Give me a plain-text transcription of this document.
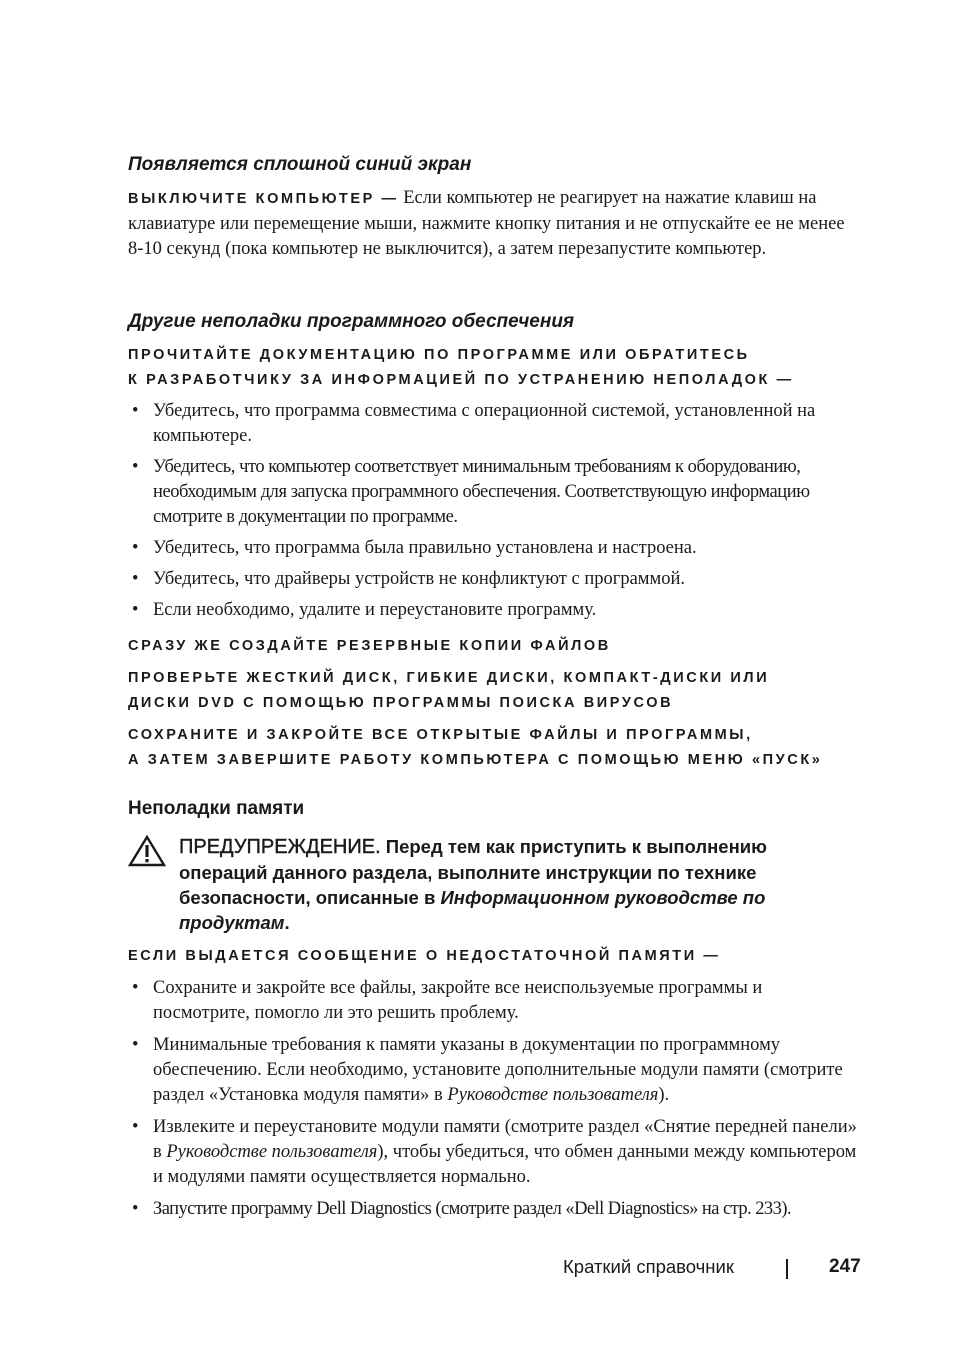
Появляется сплошной синий экран

ВЫКЛЮЧИТЕ КОМПЬЮТЕР — Если компьютер не реагирует на нажатие клавиш на клавиатуре или перемещение мыши, нажмите кнопку питания и не отпускайте ее не менее 8-10 секунд (пока компьютер не выключится), а затем перезапустите компьютер.

Другие неполадки программного обеспечения

ПРОЧИТАЙТЕ ДОКУМЕНТАЦИЮ ПО ПРОГРАММЕ ИЛИ ОБРАТИТЕСЬ

К РАЗРАБОТЧИКУ ЗА ИНФОРМАЦИЕЙ ПО УСТРАНЕНИЮ НЕПОЛАДОК —

• Убедитесь, что программа совместима с операционной системой, установленной на компьютере.
• Убедитесь, что компьютер соответствует минимальным требованиям к оборудованию, необходимым для запуска программного обеспечения. Соответствующую информацию смотрите в документации по программе.
• Убедитесь, что программа была правильно установлена и настроена.
• Убедитесь, что драйверы устройств не конфликтуют с программой.
• Если необходимо, удалите и переустановите программу.

СРАЗУ ЖЕ СОЗДАЙТЕ РЕЗЕРВНЫЕ КОПИИ ФАЙЛОВ

ПРОВЕРЬТЕ ЖЕСТКИЙ ДИСК, ГИБКИЕ ДИСКИ, КОМПАКТ-ДИСКИ ИЛИ

ДИСКИ DVD С ПОМОЩЬЮ ПРОГРАММЫ ПОИСКА ВИРУСОВ

СОХРАНИТЕ И ЗАКРОЙТЕ ВСЕ ОТКРЫТЫЕ ФАЙЛЫ И ПРОГРАММЫ,

А ЗАТЕМ ЗАВЕРШИТЕ РАБОТУ КОМПЬЮТЕРА С ПОМОЩЬЮ МЕНЮ «ПУСК»

Неполадки памяти
ПРЕДУПРЕЖДЕНИЕ. Перед тем как приступить к выполнению операций данного раздела, выполните инструкции по технике безопасности, описанные в Информационном руководстве по продуктам.

ЕСЛИ ВЫДАЕТСЯ СООБЩЕНИЕ О НЕДОСТАТОЧНОЙ ПАМЯТИ —

• Сохраните и закройте все файлы, закройте все неиспользуемые программы и посмотрите, помогло ли это решить проблему.
• Минимальные требования к памяти указаны в документации по программному обеспечению. Если необходимо, установите дополнительные модули памяти (смотрите раздел «Установка модуля памяти» в Руководстве пользователя).
• Извлеките и переустановите модули памяти (смотрите раздел «Снятие передней панели» в Руководстве пользователя), чтобы убедиться, что обмен данными между компьютером и модулями памяти осуществляется нормально.
• Запустите программу Dell Diagnostics (смотрите раздел «Dell Diagnostics» на стр. 233).
Краткий справочник	247
